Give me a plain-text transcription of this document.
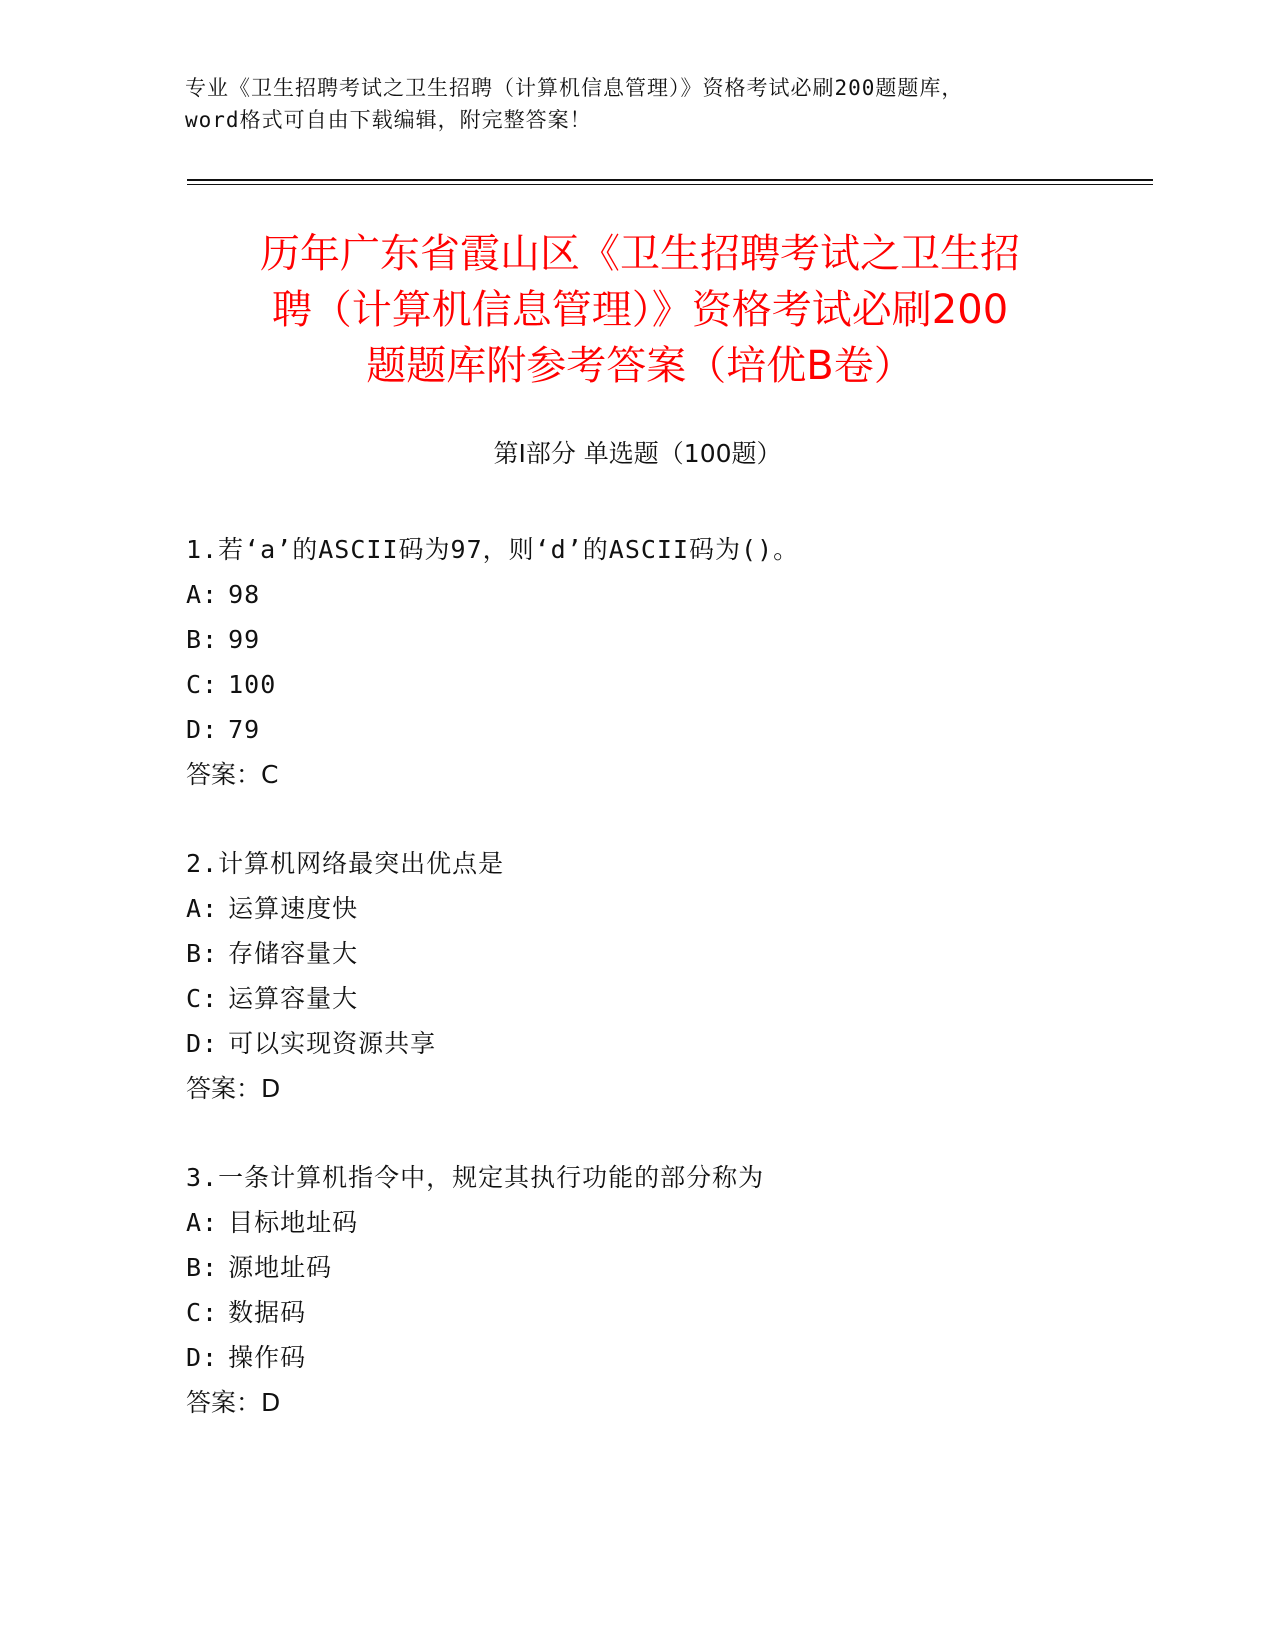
专业《卫生招聘考试之卫生招聘（计算机信息管理）》资格考试必刷200题题库，
word格式可自由下载编辑，附完整答案！
历年广东省霞山区《卫生招聘考试之卫生招
聘（计算机信息管理）》资格考试必刷200
题题库附参考答案（培优B卷）
第Ⅰ部分 单选题（100题）
1.若‘a’的ASCII码为97，则‘d’的ASCII码为()。
A: 98
B: 99
C: 100
D: 79
答案：C
2.计算机网络最突出优点是
A: 运算速度快
B: 存储容量大
C: 运算容量大
D: 可以实现资源共享
答案：D
3.一条计算机指令中，规定其执行功能的部分称为
A: 目标地址码
B: 源地址码
C: 数据码
D: 操作码
答案：D
